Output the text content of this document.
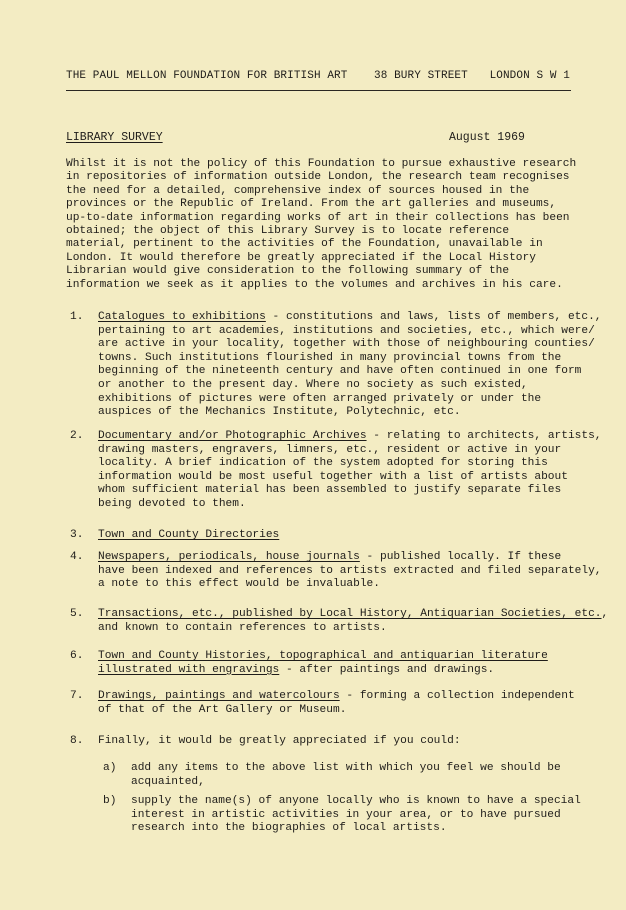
THE PAUL MELLON FOUNDATION FOR BRITISH ART 38 BURY STREET LONDON S W 1
LIBRARY SURVEY	August 1969
Whilst it is not the policy of this Foundation to pursue exhaustive research
in repositories of information outside London, the research team recognises
the need for a detailed, comprehensive index of sources housed in the
provinces or the Republic of Ireland. From the art galleries and museums,
up-to-date information regarding works of art in their collections has been
obtained; the object of this Library Survey is to locate reference
material, pertinent to the activities of the Foundation, unavailable in
London. It would therefore be greatly appreciated if the Local History
Librarian would give consideration to the following summary of the
information we seek as it applies to the volumes and archives in his care.
1. Catalogues to exhibitions - constitutions and laws, lists of members, etc.,
pertaining to art academies, institutions and societies, etc., which were/
are active in your locality, together with those of neighbouring counties/
towns. Such institutions flourished in many provincial towns from the
beginning of the nineteenth century and have often continued in one form
or another to the present day. Where no society as such existed,
exhibitions of pictures were often arranged privately or under the
auspices of the Mechanics Institute, Polytechnic, etc.
2. Documentary and/or Photographic Archives - relating to architects, artists,
drawing masters, engravers, limners, etc., resident or active in your
locality. A brief indication of the system adopted for storing this
information would be most useful together with a list of artists about
whom sufficient material has been assembled to justify separate files
being devoted to them.
3. Town and County Directories
4. Newspapers, periodicals, house journals - published locally. If these
have been indexed and references to artists extracted and filed separately,
a note to this effect would be invaluable.
5. Transactions, etc., published by Local History, Antiquarian Societies, etc.,
and known to contain references to artists.
6. Town and County Histories, topographical and antiquarian literature
illustrated with engravings - after paintings and drawings.
7. Drawings, paintings and watercolours - forming a collection independent
of that of the Art Gallery or Museum.
8. Finally, it would be greatly appreciated if you could:
a) add any items to the above list with which you feel we should be
acquainted,
b) supply the name(s) of anyone locally who is known to have a special
interest in artistic activities in your area, or to have pursued
research into the biographies of local artists.
